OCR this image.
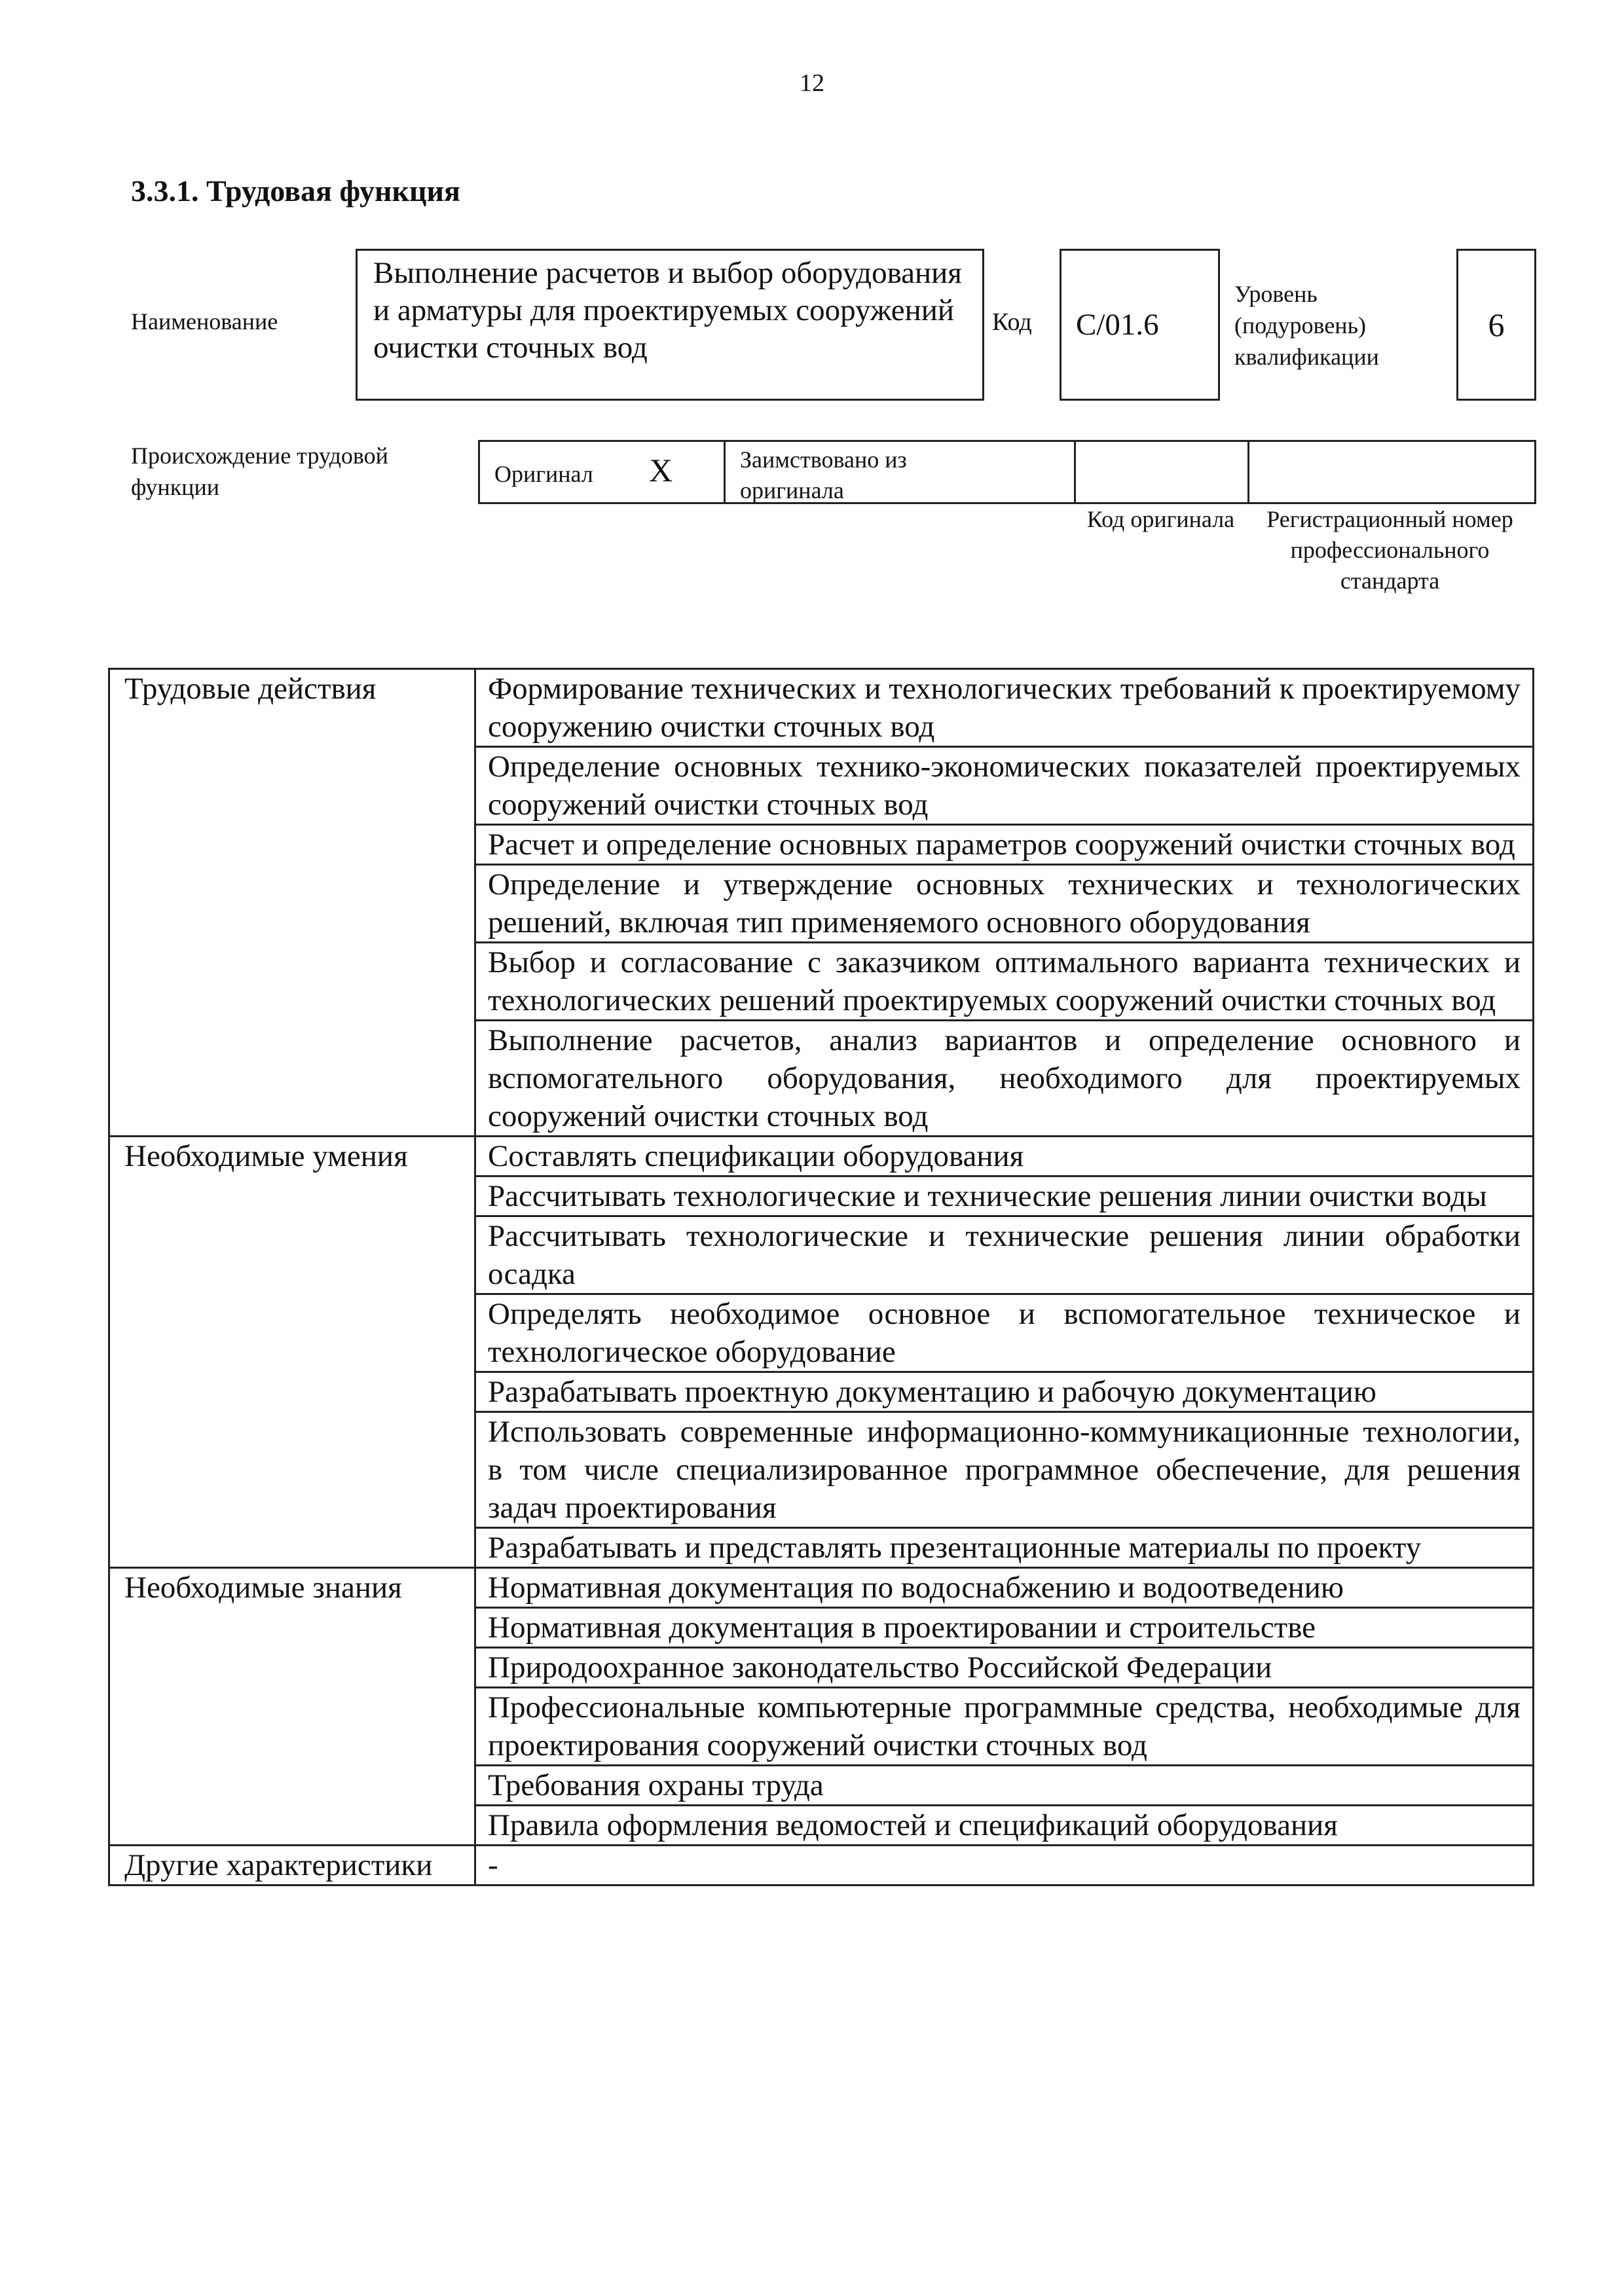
12
3.3.1. Трудовая функция
Наименование
Выполнение расчетов и выбор оборудования и арматуры для проектируемых сооружений очистки сточных вод
Код	С/01.6
Уровень (подуровень) квалификации
6
Происхождение трудовой функции	Оригинал X	Заимствовано из оригинала
Код оригинала	Регистрационный номер профессионального стандарта
Трудовые действия	Формирование технических и технологических требований к проектируемому сооружению очистки сточных вод
	Определение основных технико-экономических показателей проектируемых сооружений очистки сточных вод
	Расчет и определение основных параметров сооружений очистки сточных вод
	Определение и утверждение основных технических и технологических решений, включая тип применяемого основного оборудования
	Выбор и согласование с заказчиком оптимального варианта технических и технологических решений проектируемых сооружений очистки сточных вод
	Выполнение расчетов, анализ вариантов и определение основного и вспомогательного оборудования, необходимого для проектируемых сооружений очистки сточных вод
Необходимые умения	Составлять спецификации оборудования
	Рассчитывать технологические и технические решения линии очистки воды
	Рассчитывать технологические и технические решения линии обработки осадка
	Определять необходимое основное и вспомогательное техническое и технологическое оборудование
	Разрабатывать проектную документацию и рабочую документацию
	Использовать современные информационно-коммуникационные технологии, в том числе специализированное программное обеспечение, для решения задач проектирования
	Разрабатывать и представлять презентационные материалы по проекту
Необходимые знания	Нормативная документация по водоснабжению и водоотведению
	Нормативная документация в проектировании и строительстве
	Природоохранное законодательство Российской Федерации
	Профессиональные компьютерные программные средства, необходимые для проектирования сооружений очистки сточных вод
	Требования охраны труда
	Правила оформления ведомостей и спецификаций оборудования
Другие характеристики	-
